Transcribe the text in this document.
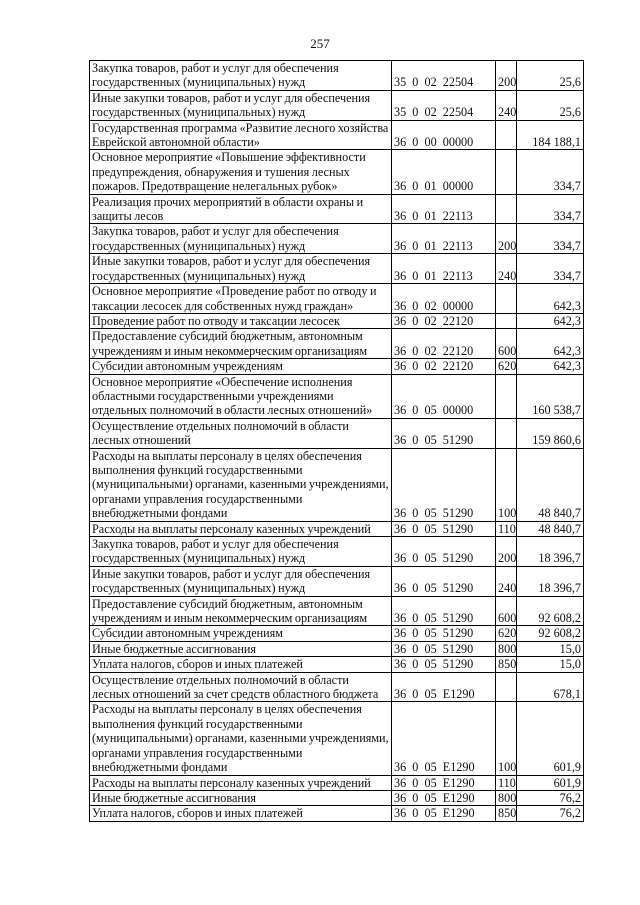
257
Закупка товаров, работ и услуг для обеспечения государственных (муниципальных) нужд	35  0  02  22504	200	25,6
Иные закупки товаров, работ и услуг для обеспечения государственных (муниципальных) нужд	35  0  02  22504	240	25,6
Государственная программа «Развитие лесного хозяйства Еврейской автономной области»	36  0  00  00000		184 188,1
Основное мероприятие «Повышение эффективности предупреждения, обнаружения и тушения лесных пожаров. Предотвращение нелегальных рубок»	36  0  01  00000		334,7
Реализация прочих мероприятий в области охраны и защиты лесов	36  0  01  22113		334,7
Закупка товаров, работ и услуг для обеспечения государственных (муниципальных) нужд	36  0  01  22113	200	334,7
Иные закупки товаров, работ и услуг для обеспечения государственных (муниципальных) нужд	36  0  01  22113	240	334,7
Основное мероприятие «Проведение работ по отводу и таксации лесосек для собственных нужд граждан»	36  0  02  00000		642,3
Проведение работ по отводу и таксации лесосек	36  0  02  22120		642,3
Предоставление субсидий бюджетным, автономным учреждениям и иным некоммерческим организациям	36  0  02  22120	600	642,3
Субсидии автономным учреждениям	36  0  02  22120	620	642,3
Основное мероприятие «Обеспечение исполнения областными государственными учреждениями отдельных полномочий в области лесных отношений»	36  0  05  00000		160 538,7
Осуществление отдельных полномочий в области лесных отношений	36  0  05  51290		159 860,6
Расходы на выплаты персоналу в целях обеспечения выполнения функций государственными (муниципальными) органами, казенными учреждениями, органами управления государственными внебюджетными фондами	36  0  05  51290	100	48 840,7
Расходы на выплаты персоналу казенных учреждений	36  0  05  51290	110	48 840,7
Закупка товаров, работ и услуг для обеспечения государственных (муниципальных) нужд	36  0  05  51290	200	18 396,7
Иные закупки товаров, работ и услуг для обеспечения государственных (муниципальных) нужд	36  0  05  51290	240	18 396,7
Предоставление субсидий бюджетным, автономным учреждениям и иным некоммерческим организациям	36  0  05  51290	600	92 608,2
Субсидии автономным учреждениям	36  0  05  51290	620	92 608,2
Иные бюджетные ассигнования	36  0  05  51290	800	15,0
Уплата налогов, сборов и иных платежей	36  0  05  51290	850	15,0
Осуществление отдельных полномочий в области лесных отношений за счет средств областного бюджета	36  0  05  Е1290		678,1
Расходы на выплаты персоналу в целях обеспечения выполнения функций государственными (муниципальными) органами, казенными учреждениями, органами управления государственными внебюджетными фондами	36  0  05  Е1290	100	601,9
Расходы на выплаты персоналу казенных учреждений	36  0  05  Е1290	110	601,9
Иные бюджетные ассигнования	36  0  05  Е1290	800	76,2
Уплата налогов, сборов и иных платежей	36  0  05  Е1290	850	76,2
